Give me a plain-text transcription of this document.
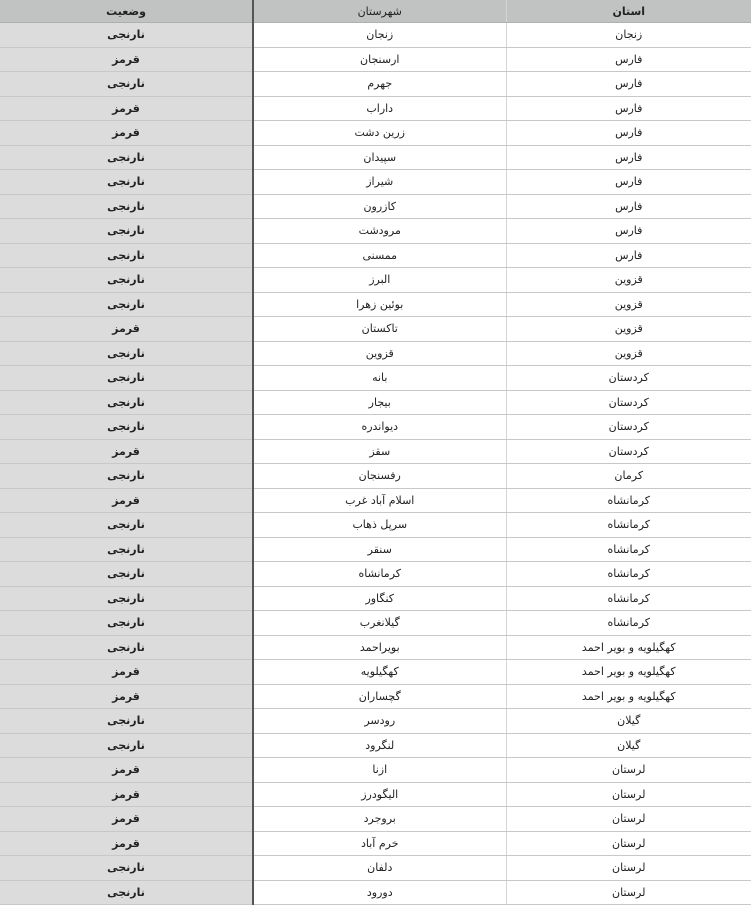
استان	شهرستان	وضعیت
زنجان	زنجان	نارنجی
فارس	ارسنجان	قرمز
فارس	جهرم	نارنجی
فارس	داراب	قرمز
فارس	زرین دشت	قرمز
فارس	سپیدان	نارنجی
فارس	شیراز	نارنجی
فارس	کازرون	نارنجی
فارس	مرودشت	نارنجی
فارس	ممسنی	نارنجی
قزوین	البرز	نارنجی
قزوین	بوئین زهرا	نارنجی
قزوین	تاکستان	قرمز
قزوین	قزوین	نارنجی
کردستان	بانه	نارنجی
کردستان	بیجار	نارنجی
کردستان	دیواندره	نارنجی
کردستان	سقز	قرمز
کرمان	رفسنجان	نارنجی
کرمانشاه	اسلام آباد غرب	قرمز
کرمانشاه	سرپل ذهاب	نارنجی
کرمانشاه	سنقر	نارنجی
کرمانشاه	کرمانشاه	نارنجی
کرمانشاه	کنگاور	نارنجی
کرمانشاه	گیلانغرب	نارنجی
کهگیلویه و بویر احمد	بویراحمد	نارنجی
کهگیلویه و بویر احمد	کهگیلویه	قرمز
کهگیلویه و بویر احمد	گچساران	قرمز
گیلان	رودسر	نارنجی
گیلان	لنگرود	نارنجی
لرستان	ازنا	قرمز
لرستان	الیگودرز	قرمز
لرستان	بروجرد	قرمز
لرستان	خرم آباد	قرمز
لرستان	دلفان	نارنجی
لرستان	دورود	نارنجی
